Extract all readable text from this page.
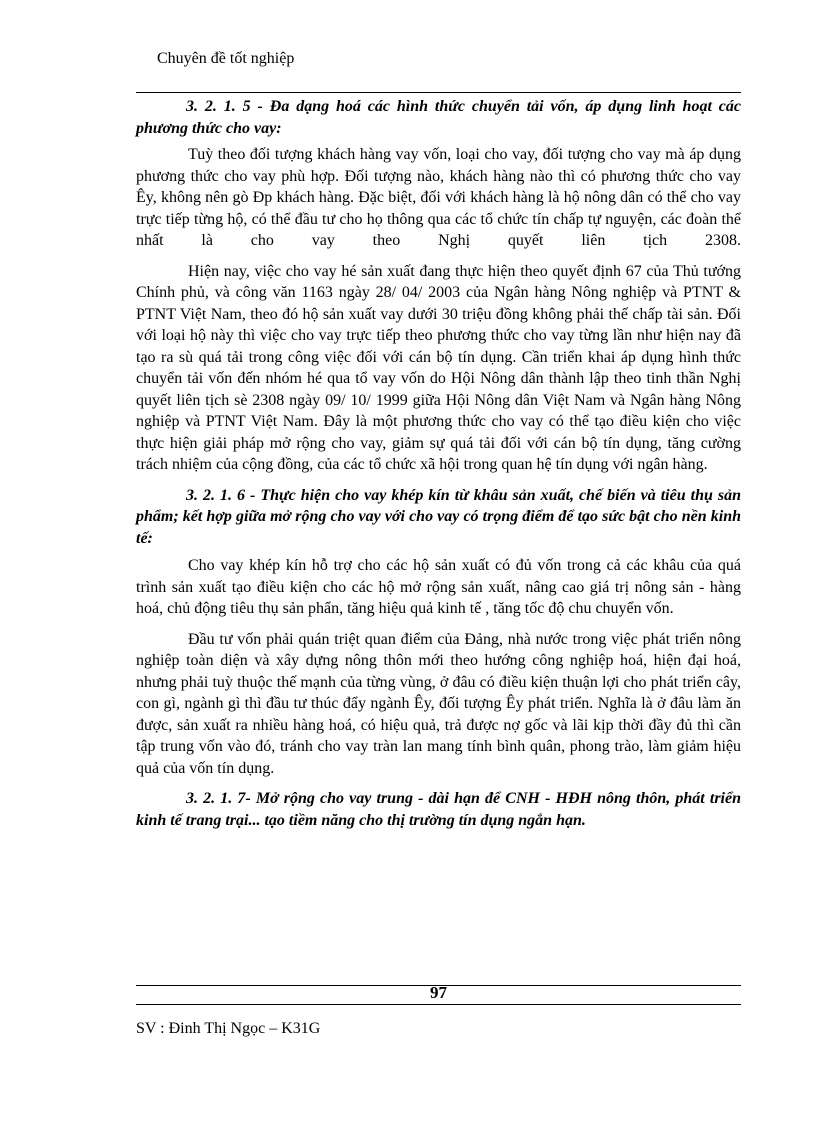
Chuyên đề tốt nghiệp

3. 2. 1. 5 - Đa dạng hoá các hình thức chuyển tải vốn, áp dụng linh hoạt các phương thức cho vay:

Tuỳ theo đối tượng khách hàng vay vốn, loại cho vay, đối tượng cho vay mà áp dụng phương thức cho vay phù hợp. Đối tượng nào, khách hàng nào thì có phương thức cho vay Êy, không nên gò Ðp khách hàng. Đặc biệt, đối với khách hàng là hộ nông dân có thể cho vay trực tiếp từng hộ, có thể đầu tư cho họ thông qua các tổ chức tín chấp tự nguyện, các đoàn thể nhất là cho vay theo Nghị quyết liên tịch 2308.

Hiện nay, việc cho vay hé sản xuất đang thực hiện theo quyết định 67 của Thủ tướng Chính phủ, và công văn 1163 ngày 28/ 04/ 2003 của Ngân hàng Nông nghiệp và PTNT & PTNT Việt Nam, theo đó hộ sản xuất vay dưới 30 triệu đồng không phải thế chấp tài sản. Đối với loại hộ này thì việc cho vay trực tiếp theo phương thức cho vay từng lần như hiện nay đã tạo ra sù quá tải trong công việc đối với cán bộ tín dụng. Cần triển khai áp dụng hình thức chuyển tải vốn đến nhóm hé qua tổ vay vốn do Hội Nông dân thành lập theo tinh thần Nghị quyết liên tịch sè 2308 ngày 09/ 10/ 1999 giữa Hội Nông dân Việt Nam và Ngân hàng Nông nghiệp và PTNT Việt Nam. Đây là một phương thức cho vay có thể tạo điều kiện cho việc thực hiện giải pháp mở rộng cho vay, giảm sự quá tải đối với cán bộ tín dụng, tăng cường trách nhiệm của cộng đồng, của các tổ chức xã hội trong quan hệ tín dụng với ngân hàng.

3. 2. 1. 6 - Thực hiện cho vay khép kín từ khâu sản xuất, chế biến và tiêu thụ sản phẩm; kết hợp giữa mở rộng cho vay với cho vay có trọng điểm để tạo sức bật cho nền kinh tế:

Cho vay khép kín hỗ trợ cho các hộ sản xuất có đủ vốn trong cả các khâu của quá trình sản xuất tạo điều kiện cho các hộ mở rộng sản xuất, nâng cao giá trị nông sản - hàng hoá, chủ động tiêu thụ sản phẩn, tăng hiệu quả kinh tế , tăng tốc độ chu chuyển vốn.

Đầu tư vốn phải quán triệt quan điểm của Đảng, nhà nước trong việc phát triển nông nghiệp toàn diện và xây dựng nông thôn mới theo hướng công nghiệp hoá, hiện đại hoá, nhưng phải tuỳ thuộc thế mạnh của từng vùng, ở đâu có điều kiện thuận lợi cho phát triển cây, con gì, ngành gì thì đầu tư thúc đẩy ngành Êy, đối tượng Êy phát triển. Nghĩa là ở đâu làm ăn được, sản xuất ra nhiều hàng hoá, có hiệu quả, trả được nợ gốc và lãi kịp thời đầy đủ thì cần tập trung vốn vào đó, tránh cho vay tràn lan mang tính bình quân, phong trào, làm giảm hiệu quả của vốn tín dụng.

3. 2. 1. 7- Mở rộng cho vay trung - dài hạn để CNH - HĐH nông thôn, phát triển kinh tế trang trại... tạo tiềm năng cho thị trường tín dụng ngắn hạn.

97
SV : Đinh Thị Ngọc – K31G
